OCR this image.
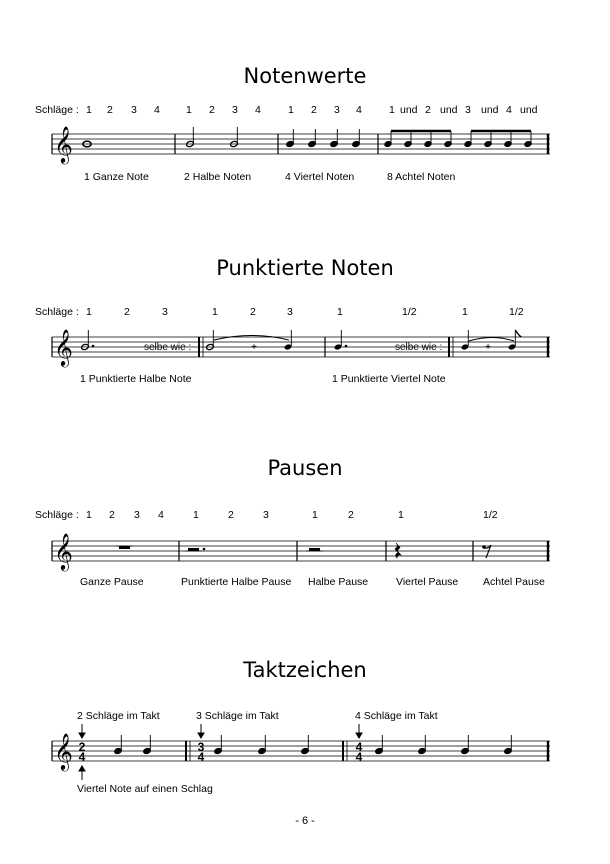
Notenwerte
Schläge : 1 2 3 4 1 2 3 4	1 2 3 4	1 und 2 und 3 und 4 und
𝄞
1 Ganze Note	2 Halbe Noten	4 Viertel Noten	8 Achtel Noten
Punktierte Noten
Schläge : 1	2	3	1	2	3	1	1/2	1	1/2
𝄞	selbe wie :	+	selbe wie :	+
1 Punktierte Halbe Note	1 Punktierte Viertel Note
Pausen
Schläge : 1 2 3 4	1	2	3	1	2	1	1/2
𝄞
Ganze Pause	Punktierte Halbe Pause Halbe Pause	Viertel Pause Achtel Pause
Taktzeichen
2 Schläge im Takt	3 Schläge im Takt	4 Schläge im Takt
𝄞 2
4
3
4
4
4
Viertel Note auf einen Schlag
- 6 -
